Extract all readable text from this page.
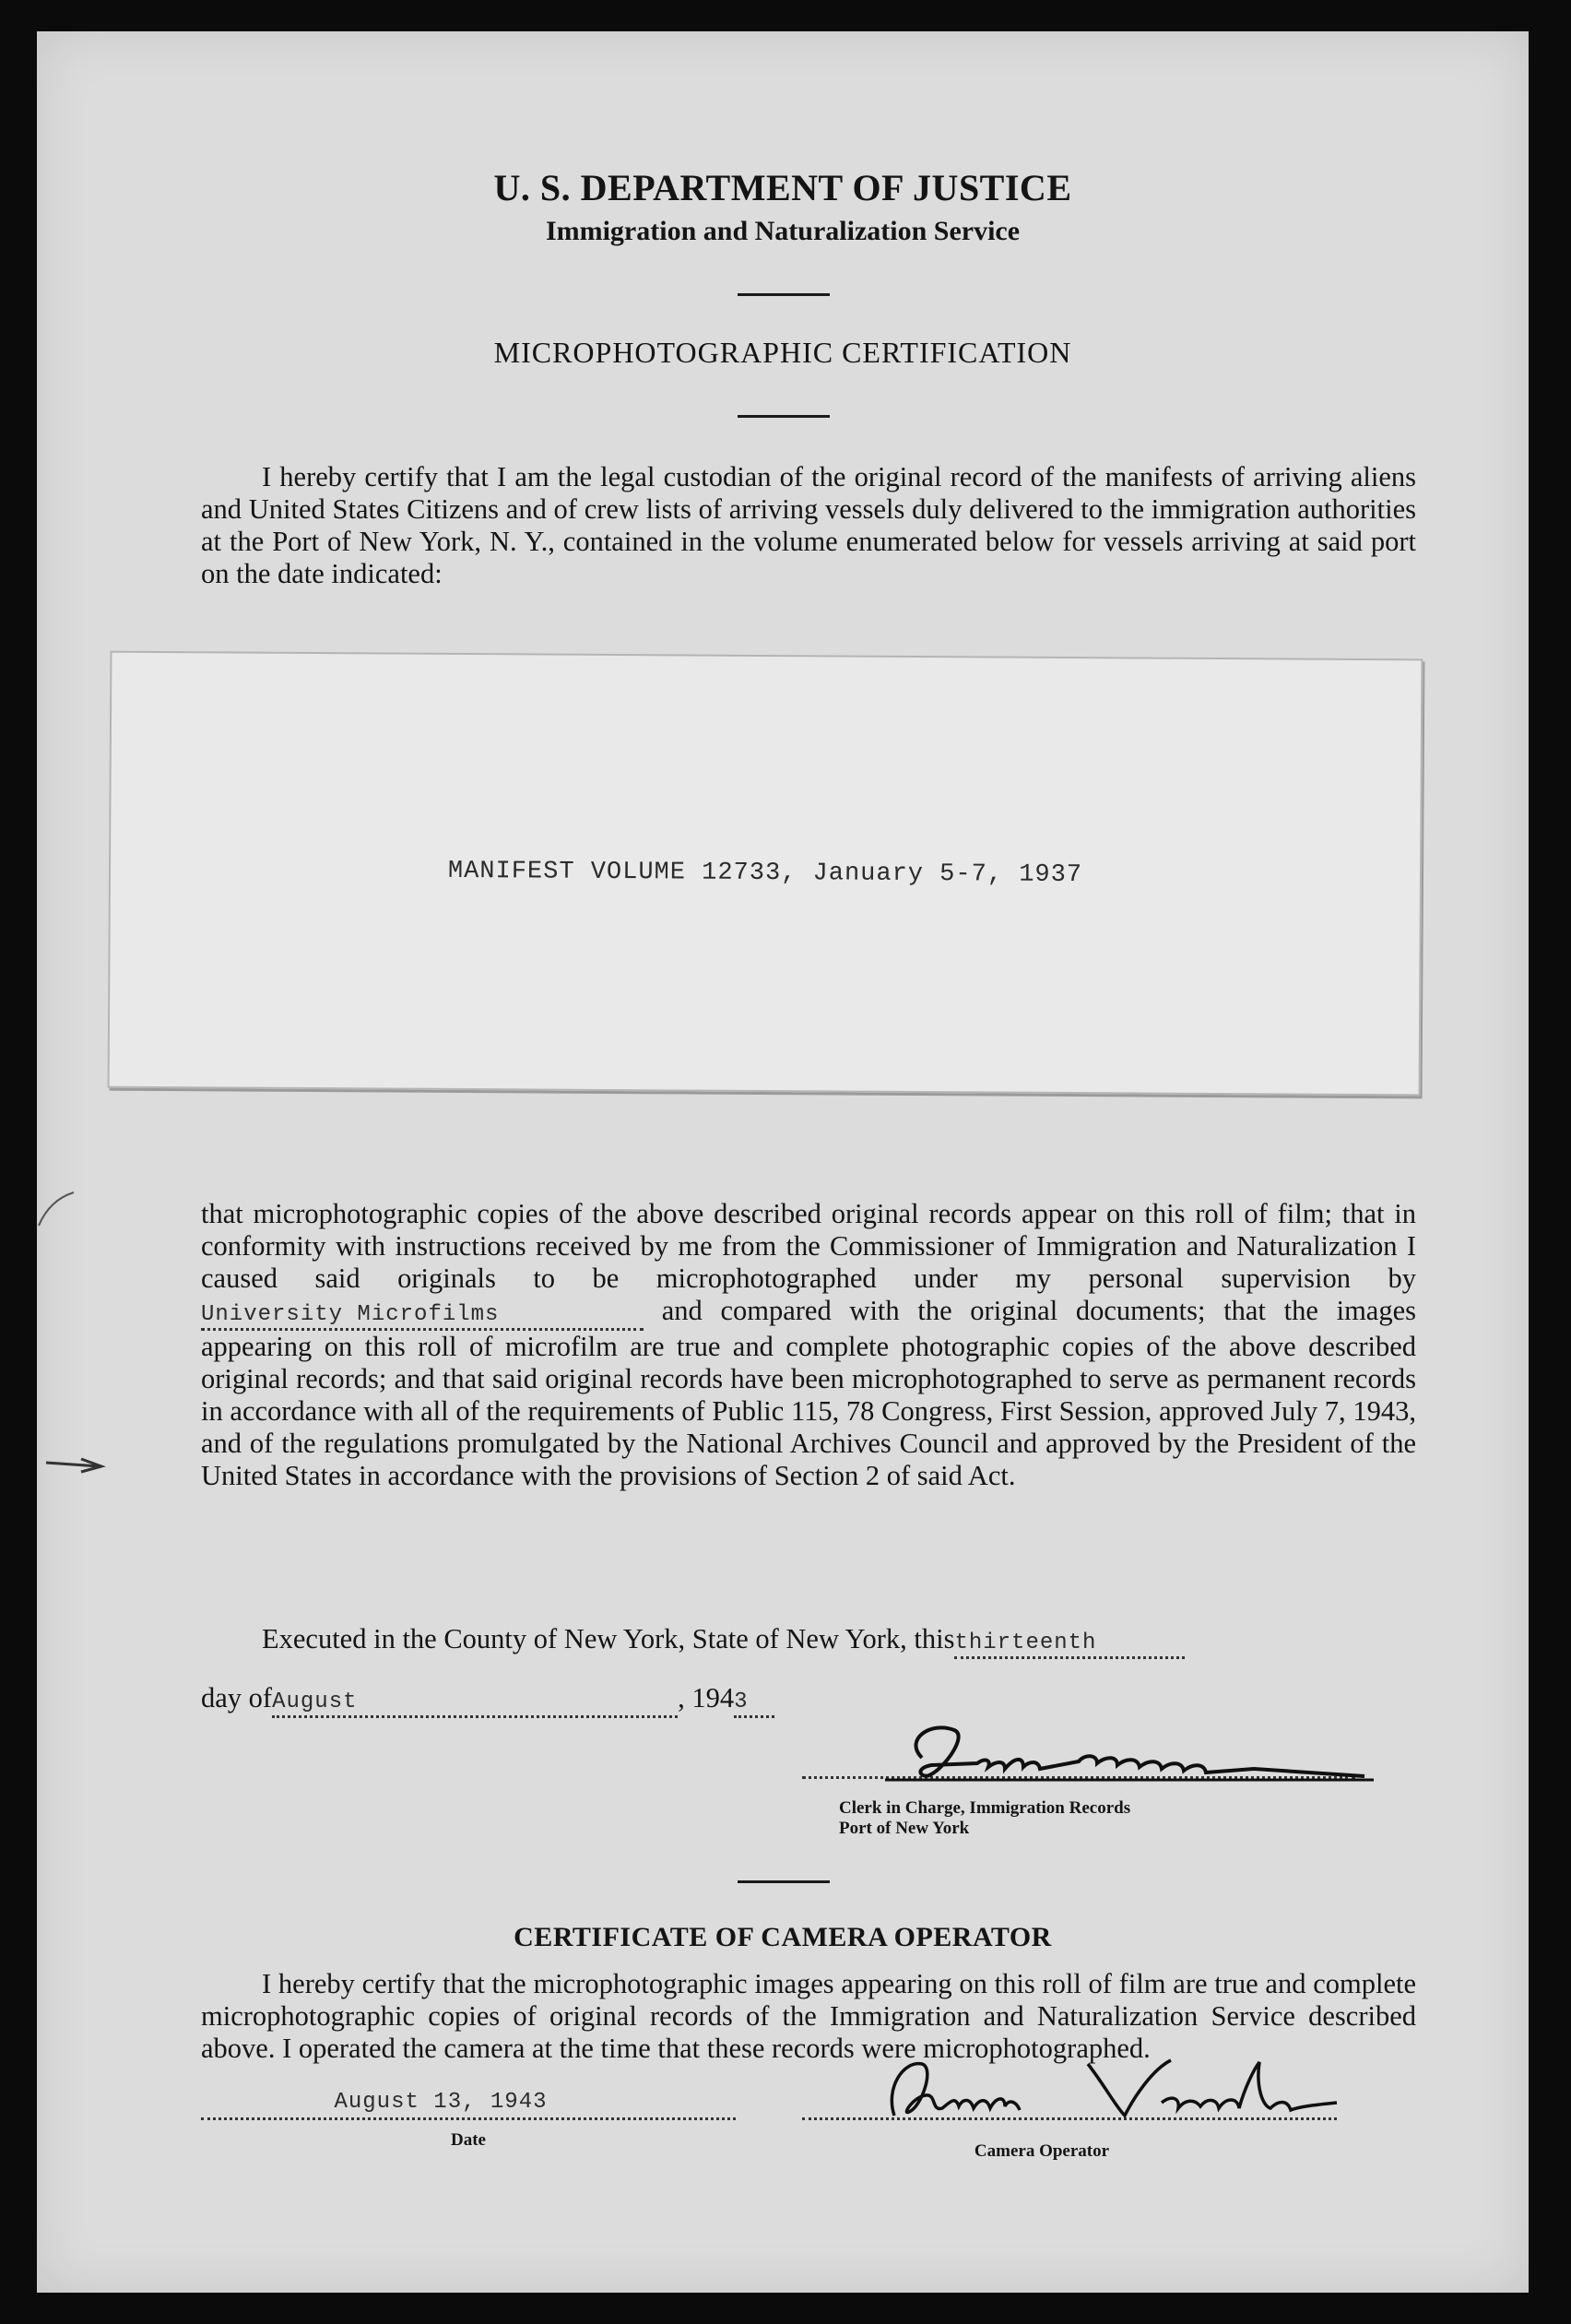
U. S. DEPARTMENT OF JUSTICE
Immigration and Naturalization Service
MICROPHOTOGRAPHIC CERTIFICATION
I hereby certify that I am the legal custodian of the original record of the manifests of arriving aliens and United States Citizens and of crew lists of arriving vessels duly delivered to the immigration authorities at the Port of New York, N. Y., contained in the volume enumerated below for vessels arriving at said port on the date indicated:
MANIFEST VOLUME 12733, January 5-7, 1937
that microphotographic copies of the above described original records appear on this roll of film; that in conformity with instructions received by me from the Commissioner of Immigration and Naturalization I caused said originals to be microphotographed under my personal supervision byUniversity Microfilms	and compared with the original documents; that the images appearing on this roll of microfilm are true and complete photographic copies of the above described original records; and that said original records have been microphotographed to serve as permanent records in accordance with all of the requirements of Public 115, 78 Congress, First Session, approved July 7, 1943, and of the regulations promulgated by the National Archives Council and approved by the President of the United States in accordance with the provisions of Section 2 of said Act.
Executed in the County of New York, State of New York, thisthirteenth
day ofAugust	, 1943
Clerk in Charge, Immigration Records
Port of New York
CERTIFICATE OF CAMERA OPERATOR
I hereby certify that the microphotographic images appearing on this roll of film are true and complete microphotographic copies of original records of the Immigration and Naturalization Service described above. I operated the camera at the time that these records were microphotographed.
August 13, 1943
Date
Camera Operator
